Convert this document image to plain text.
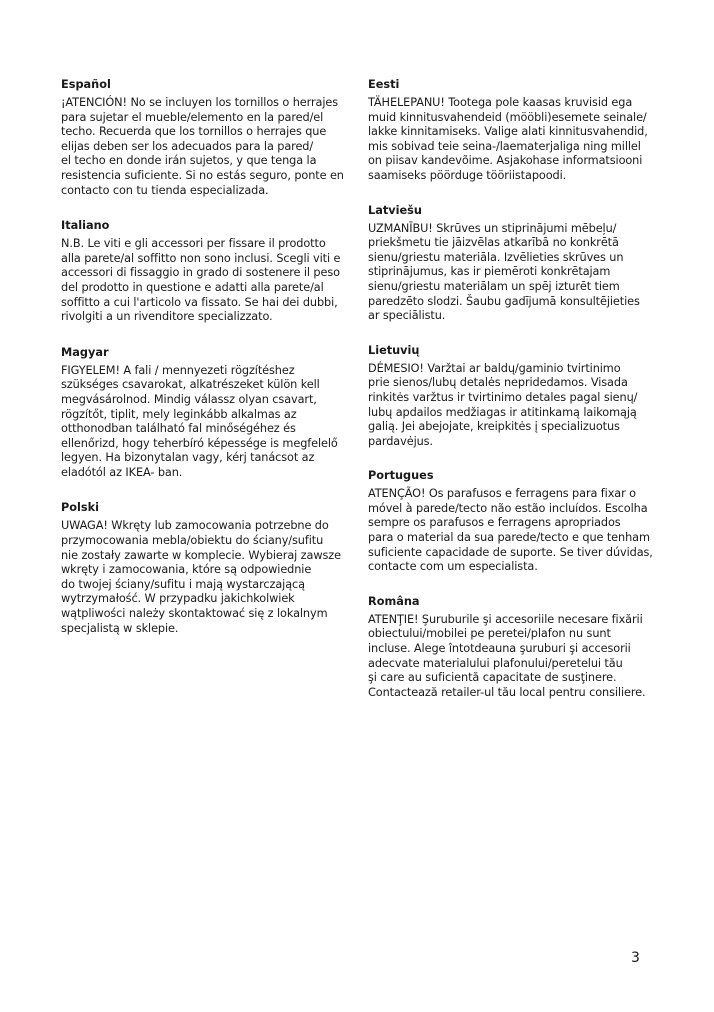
Español
¡ATENCIÓN! No se incluyen los tornillos o herrajes
para sujetar el mueble/elemento en la pared/el
techo. Recuerda que los tornillos o herrajes que
elijas deben ser los adecuados para la pared/
el techo en donde irán sujetos, y que tenga la
resistencia suficiente. Si no estás seguro, ponte en
contacto con tu tienda especializada.
Italiano
N.B. Le viti e gli accessori per fissare il prodotto
alla parete/al soffitto non sono inclusi. Scegli viti e
accessori di fissaggio in grado di sostenere il peso
del prodotto in questione e adatti alla parete/al
soffitto a cui l'articolo va fissato. Se hai dei dubbi,
rivolgiti a un rivenditore specializzato.
Magyar
FIGYELEM! A fali / mennyezeti rögzítéshez
szükséges csavarokat, alkatrészeket külön kell
megvásárolnod. Mindig válassz olyan csavart,
rögzítőt, tiplit, mely leginkább alkalmas az
otthonodban található fal minőségéhez és
ellenőrizd, hogy teherbíró képessége is megfelelő
legyen. Ha bizonytalan vagy, kérj tanácsot az
eladótól az IKEA- ban.
Polski
UWAGA! Wkręty lub zamocowania potrzebne do
przymocowania mebla/obiektu do ściany/sufitu
nie zostały zawarte w komplecie. Wybieraj zawsze
wkręty i zamocowania, które są odpowiednie
do twojej ściany/sufitu i mają wystarczającą
wytrzymałość. W przypadku jakichkolwiek
wątpliwości należy skontaktować się z lokalnym
specjalistą w sklepie.
Eesti
TÄHELEPANU! Tootega pole kaasas kruvisid ega
muid kinnitusvahendeid (mööbli)esemete seinale/
lakke kinnitamiseks. Valige alati kinnitusvahendid,
mis sobivad teie seina-/laematerjaliga ning millel
on piisav kandevõime. Asjakohase informatsiooni
saamiseks pöörduge tööriistapoodi.
Latviešu
UZMANĪBU! Skrūves un stiprinājumi mēbeļu/
priekšmetu tie jāizvēlas atkarībā no konkrētā
sienu/griestu materiāla. Izvēlieties skrūves un
stiprinājumus, kas ir piemēroti konkrētajam
sienu/griestu materiālam un spēj izturēt tiem
paredzēto slodzi. Šaubu gadījumā konsultējieties
ar speciālistu.
Lietuvių
DĖMESIO! Varžtai ar baldų/gaminio tvirtinimo
prie sienos/lubų detalės nepridedamos. Visada
rinkitės varžtus ir tvirtinimo detales pagal sienų/
lubų apdailos medžiagas ir atitinkamą laikomąją
galią. Jei abejojate, kreipkitės į specializuotus
pardavėjus.
Portugues
ATENÇÃO! Os parafusos e ferragens para fixar o
móvel à parede/tecto não estão incluídos. Escolha
sempre os parafusos e ferragens apropriados
para o material da sua parede/tecto e que tenham
suficiente capacidade de suporte. Se tiver dúvidas,
contacte com um especialista.
Româna
ATENŢIE! Şuruburile şi accesoriile necesare fixării
obiectului/mobilei pe peretei/plafon nu sunt
incluse. Alege întotdeauna şuruburi şi accesorii
adecvate materialului plafonului/peretelui tău
şi care au suficientă capacitate de susţinere.
Contactează retailer-ul tău local pentru consiliere.
3
